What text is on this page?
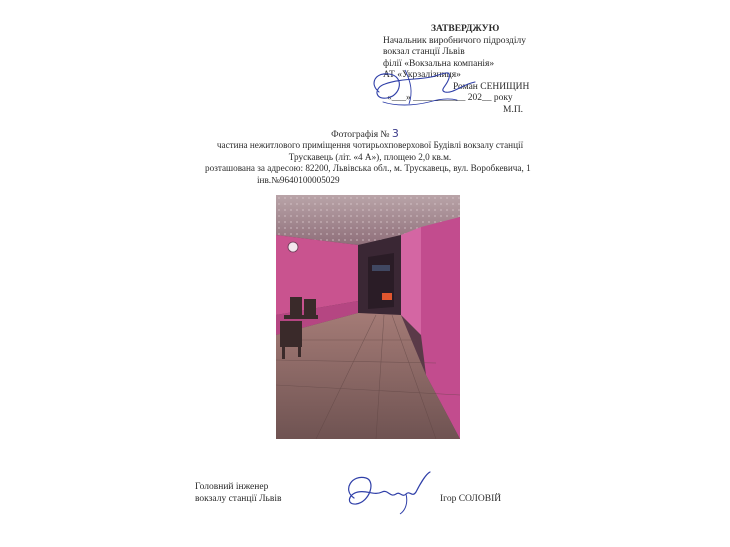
ЗАТВЕРДЖУЮ
Начальник виробничого підрозділу
вокзал станції Львів
філії «Вокзальна компанія»
АТ «Укрзалізниця»
Роман СЕНИЩИН
«___» ___________ 202__ року
М.П.
Фотографія № 3
частина нежитлового приміщення чотирьохповерхової Будівлі вокзалу станції
Трускавець (літ. «4 А»), площею 2,0 кв.м.
розташована за адресою: 82200, Львівська обл., м. Трускавець, вул. Воробкевича, 1
інв.№9640100005029
Головний інженер
вокзалу станції Львів	Ігор СОЛОВІЙ
